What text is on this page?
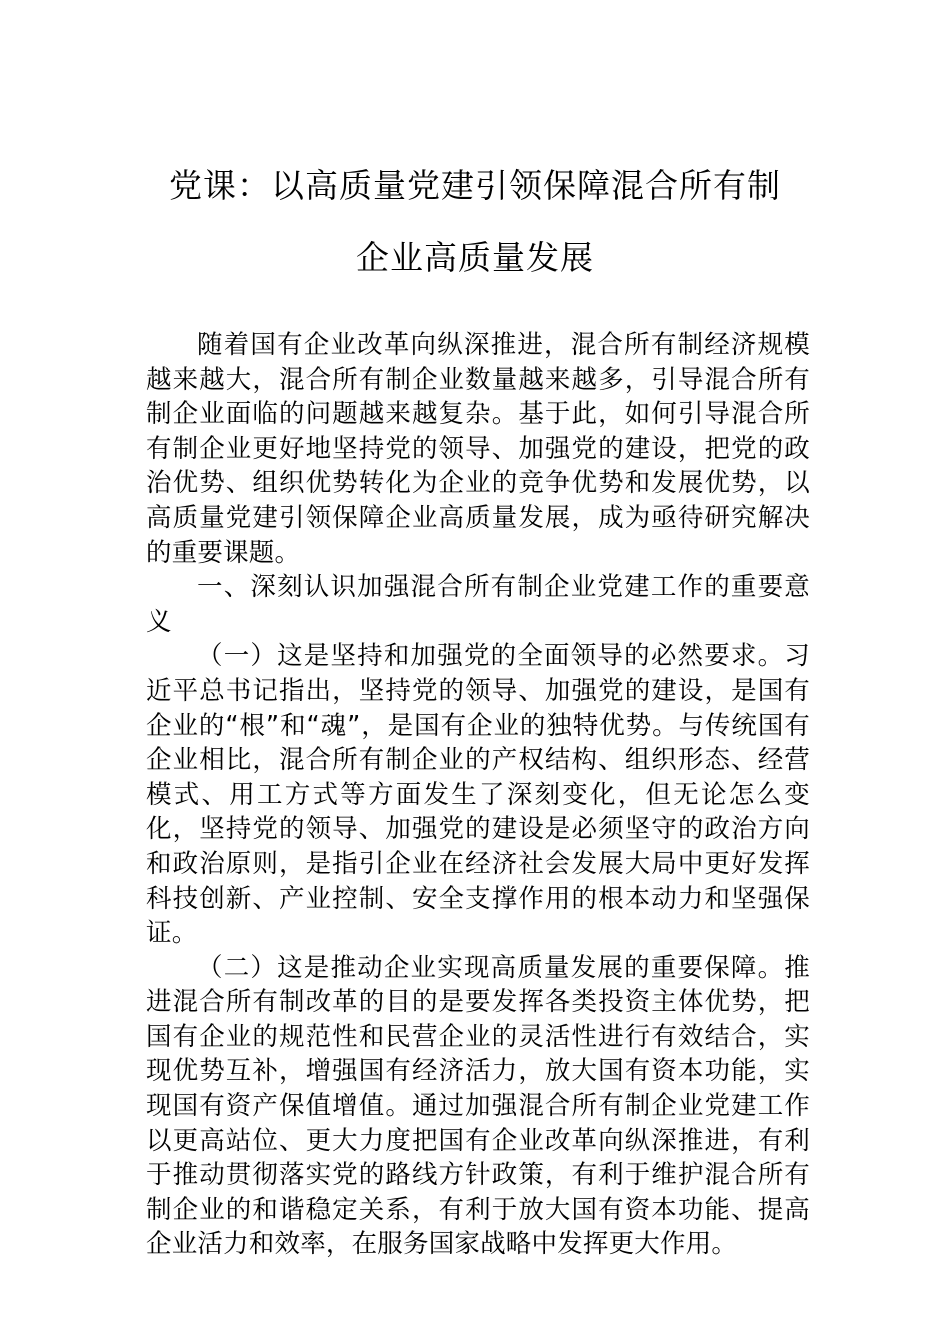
党课：以高质量党建引领保障混合所有制
企业高质量发展

随着国有企业改革向纵深推进，混合所有制经济规模越来越大，混合所有制企业数量越来越多，引导混合所有制企业面临的问题越来越复杂。基于此，如何引导混合所有制企业更好地坚持党的领导、加强党的建设，把党的政治优势、组织优势转化为企业的竞争优势和发展优势，以高质量党建引领保障企业高质量发展，成为亟待研究解决的重要课题。

一、深刻认识加强混合所有制企业党建工作的重要意义

（一）这是坚持和加强党的全面领导的必然要求。习近平总书记指出，坚持党的领导、加强党的建设，是国有企业的“根”和“魂”，是国有企业的独特优势。与传统国有企业相比，混合所有制企业的产权结构、组织形态、经营模式、用工方式等方面发生了深刻变化，但无论怎么变化，坚持党的领导、加强党的建设是必须坚守的政治方向和政治原则，是指引企业在经济社会发展大局中更好发挥科技创新、产业控制、安全支撑作用的根本动力和坚强保证。

（二）这是推动企业实现高质量发展的重要保障。推进混合所有制改革的目的是要发挥各类投资主体优势，把国有企业的规范性和民营企业的灵活性进行有效结合，实现优势互补，增强国有经济活力，放大国有资本功能，实现国有资产保值增值。通过加强混合所有制企业党建工作以更高站位、更大力度把国有企业改革向纵深推进，有利于推动贯彻落实党的路线方针政策，有利于维护混合所有制企业的和谐稳定关系，有利于放大国有资本功能、提高企业活力和效率，在服务国家战略中发挥更大作用。
